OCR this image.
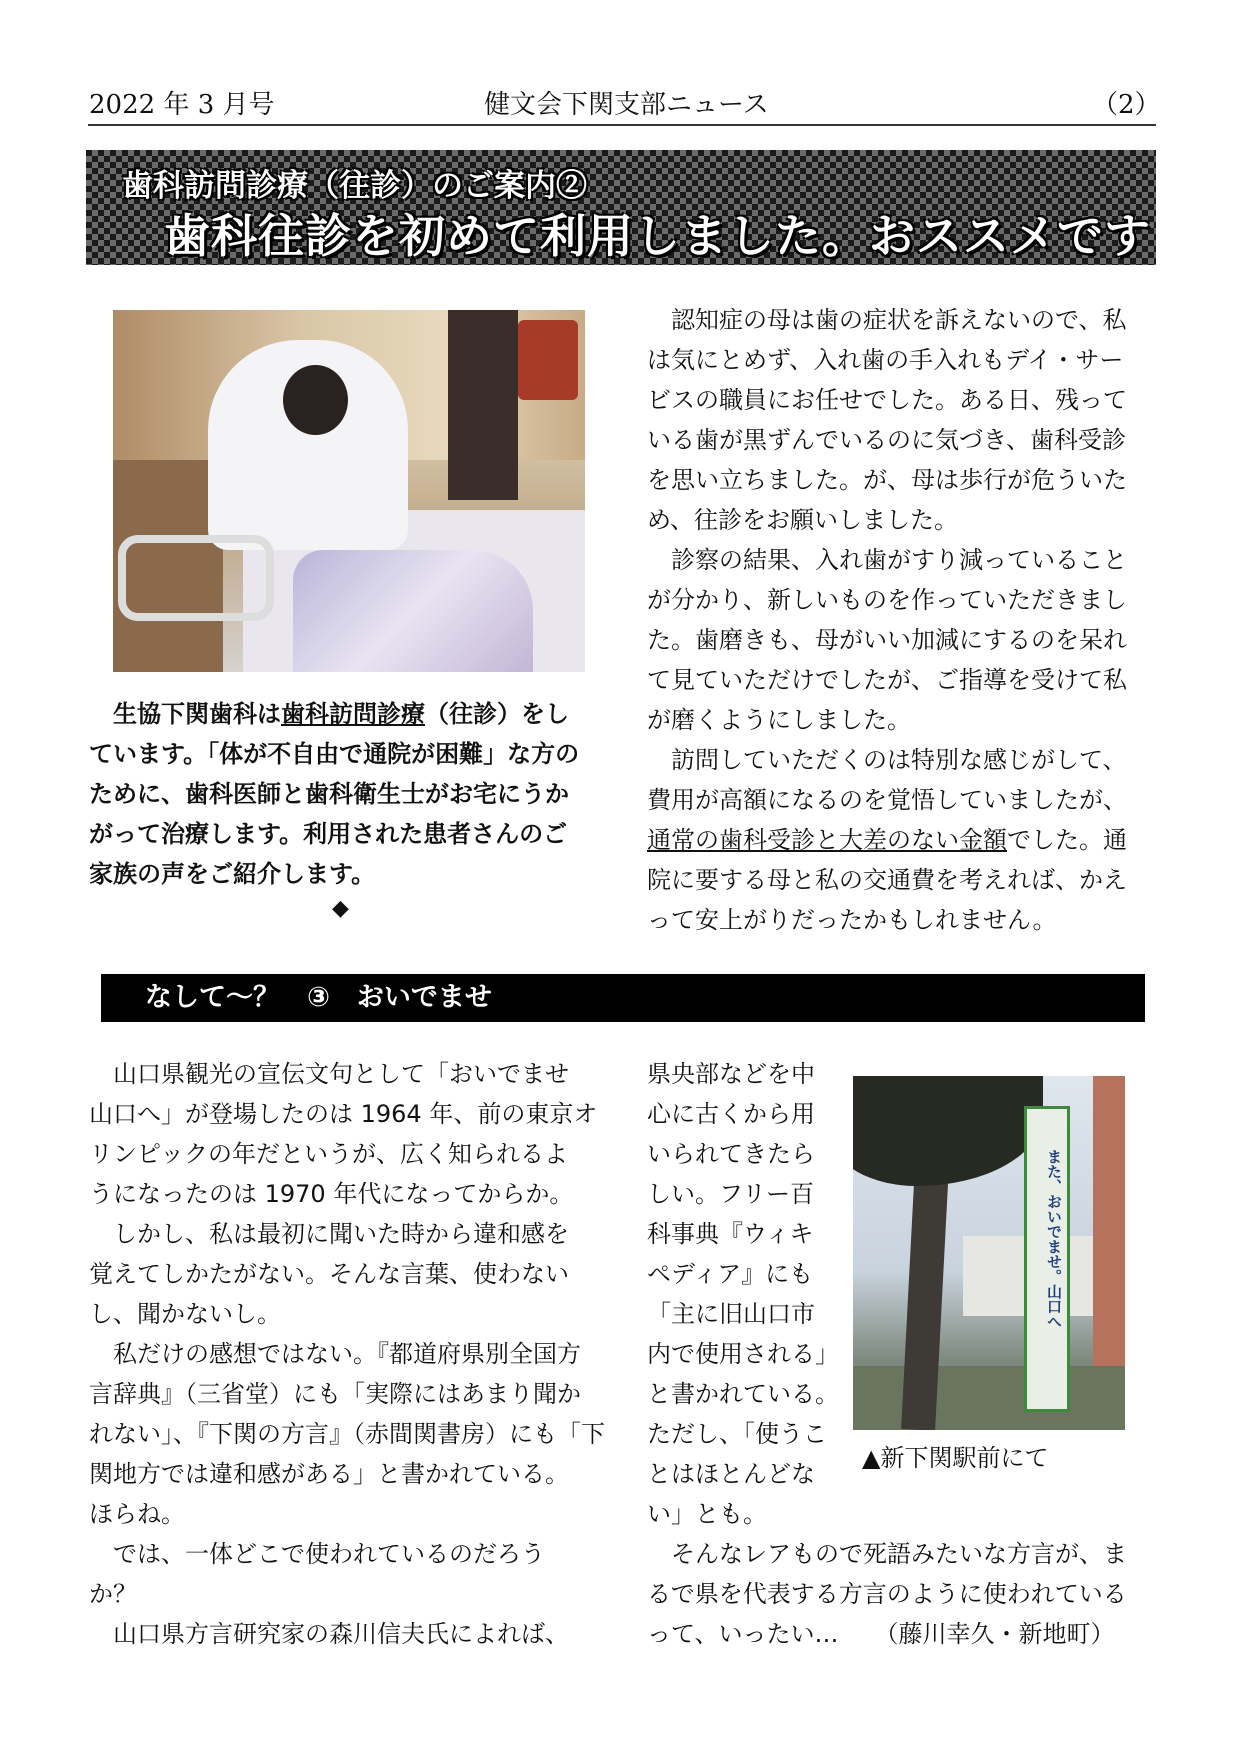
2022 年 3 月号	健文会下関支部ニュース	（2）
歯科訪問診療（往診）のご案内②
歯科往診を初めて利用しました。おススメです
　生協下関歯科は歯科訪問診療（往診）をし
ています。「体が不自由で通院が困難」な方の
ために、歯科医師と歯科衛生士がお宅にうか
がって治療します。利用された患者さんのご
家族の声をご紹介します。
◆
　認知症の母は歯の症状を訴えないので、私
は気にとめず、入れ歯の手入れもデイ・サー
ビスの職員にお任せでした。ある日、残って
いる歯が黒ずんでいるのに気づき、歯科受診
を思い立ちました。が、母は歩行が危ういた
め、往診をお願いしました。
　診察の結果、入れ歯がすり減っていること
が分かり、新しいものを作っていただきまし
た。歯磨きも、母がいい加減にするのを呆れ
て見ていただけでしたが、ご指導を受けて私
が磨くようにしました。
　訪問していただくのは特別な感じがして、
費用が高額になるのを覚悟していましたが、
通常の歯科受診と大差のない金額でした。通
院に要する母と私の交通費を考えれば、かえ
って安上がりだったかもしれません。
なして～？　③　おいでませ
　山口県観光の宣伝文句として「おいでませ
山口へ」が登場したのは 1964 年、前の東京オ
リンピックの年だというが、広く知られるよ
うになったのは 1970 年代になってからか。
　しかし、私は最初に聞いた時から違和感を
覚えてしかたがない。そんな言葉、使わない
し、聞かないし。
　私だけの感想ではない。『都道府県別全国方
言辞典』（三省堂）にも「実際にはあまり聞か
れない」、『下関の方言』（赤間関書房）にも「下
関地方では違和感がある」と書かれている。
ほらね。
　では、一体どこで使われているのだろう
か？
　山口県方言研究家の森川信夫氏によれば、
県央部などを中
心に古くから用
いられてきたら
しい。フリー百
科事典『ウィキ
ペディア』にも
「主に旧山口市
内で使用される」
と書かれている。
ただし、「使うこ
とはほとんどな
い」とも。
　そんなレアもので死語みたいな方言が、ま
るで県を代表する方言のように使われている
って、いったい…　　（藤川幸久・新地町）
また、おいでませ。山口へ
▲新下関駅前にて
